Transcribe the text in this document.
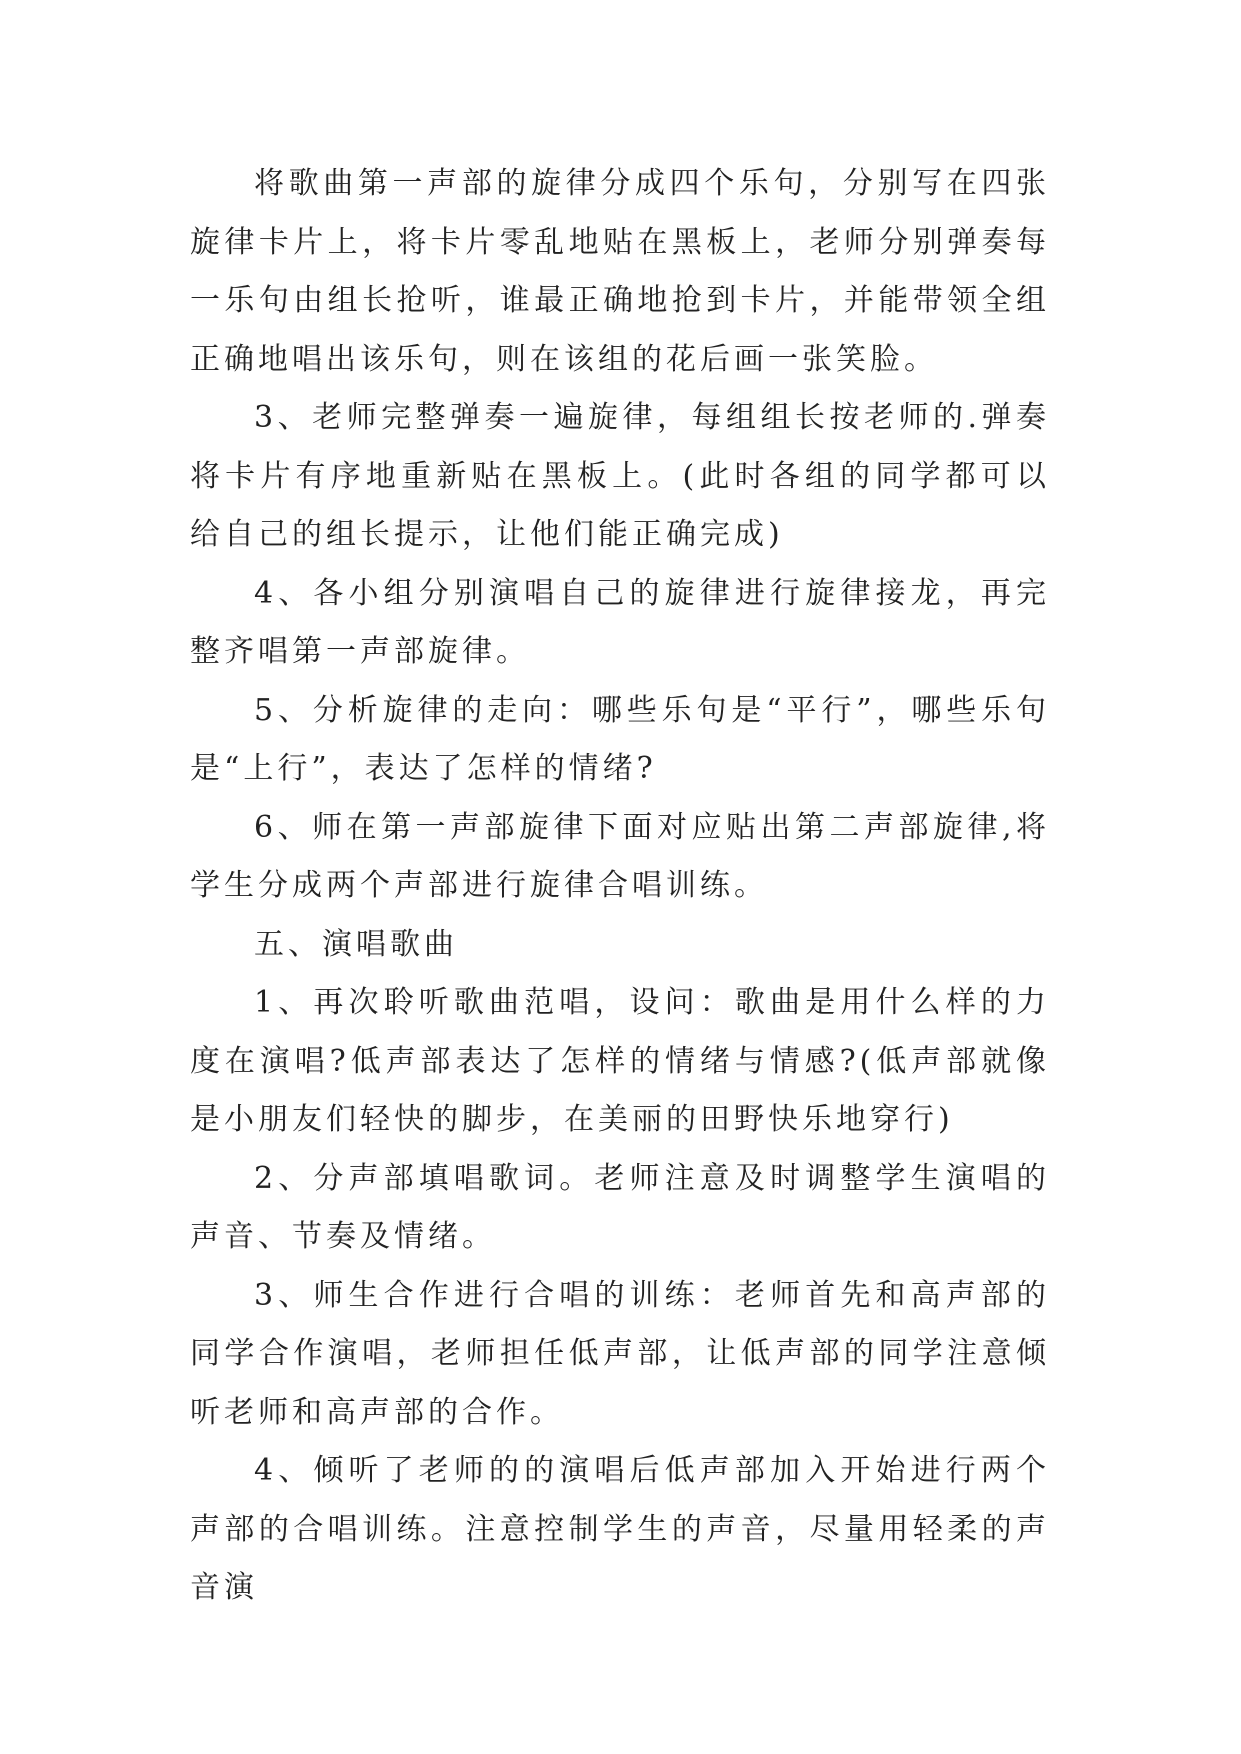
将歌曲第一声部的旋律分成四个乐句，分别写在四张旋律卡片上，将卡片零乱地贴在黑板上，老师分别弹奏每一乐句由组长抢听，谁最正确地抢到卡片，并能带领全组正确地唱出该乐句，则在该组的花后画一张笑脸。

3、老师完整弹奏一遍旋律，每组组长按老师的.弹奏将卡片有序地重新贴在黑板上。(此时各组的同学都可以给自己的组长提示，让他们能正确完成)

4、各小组分别演唱自己的旋律进行旋律接龙，再完整齐唱第一声部旋律。

5、分析旋律的走向：哪些乐句是“平行”，哪些乐句是“上行”，表达了怎样的情绪?

6、师在第一声部旋律下面对应贴出第二声部旋律,将学生分成两个声部进行旋律合唱训练。

五、演唱歌曲

1、再次聆听歌曲范唱，设问：歌曲是用什么样的力度在演唱?低声部表达了怎样的情绪与情感?(低声部就像是小朋友们轻快的脚步，在美丽的田野快乐地穿行)

2、分声部填唱歌词。老师注意及时调整学生演唱的声音、节奏及情绪。

3、师生合作进行合唱的训练：老师首先和高声部的同学合作演唱，老师担任低声部，让低声部的同学注意倾听老师和高声部的合作。

4、倾听了老师的的演唱后低声部加入开始进行两个声部的合唱训练。注意控制学生的声音，尽量用轻柔的声音演
